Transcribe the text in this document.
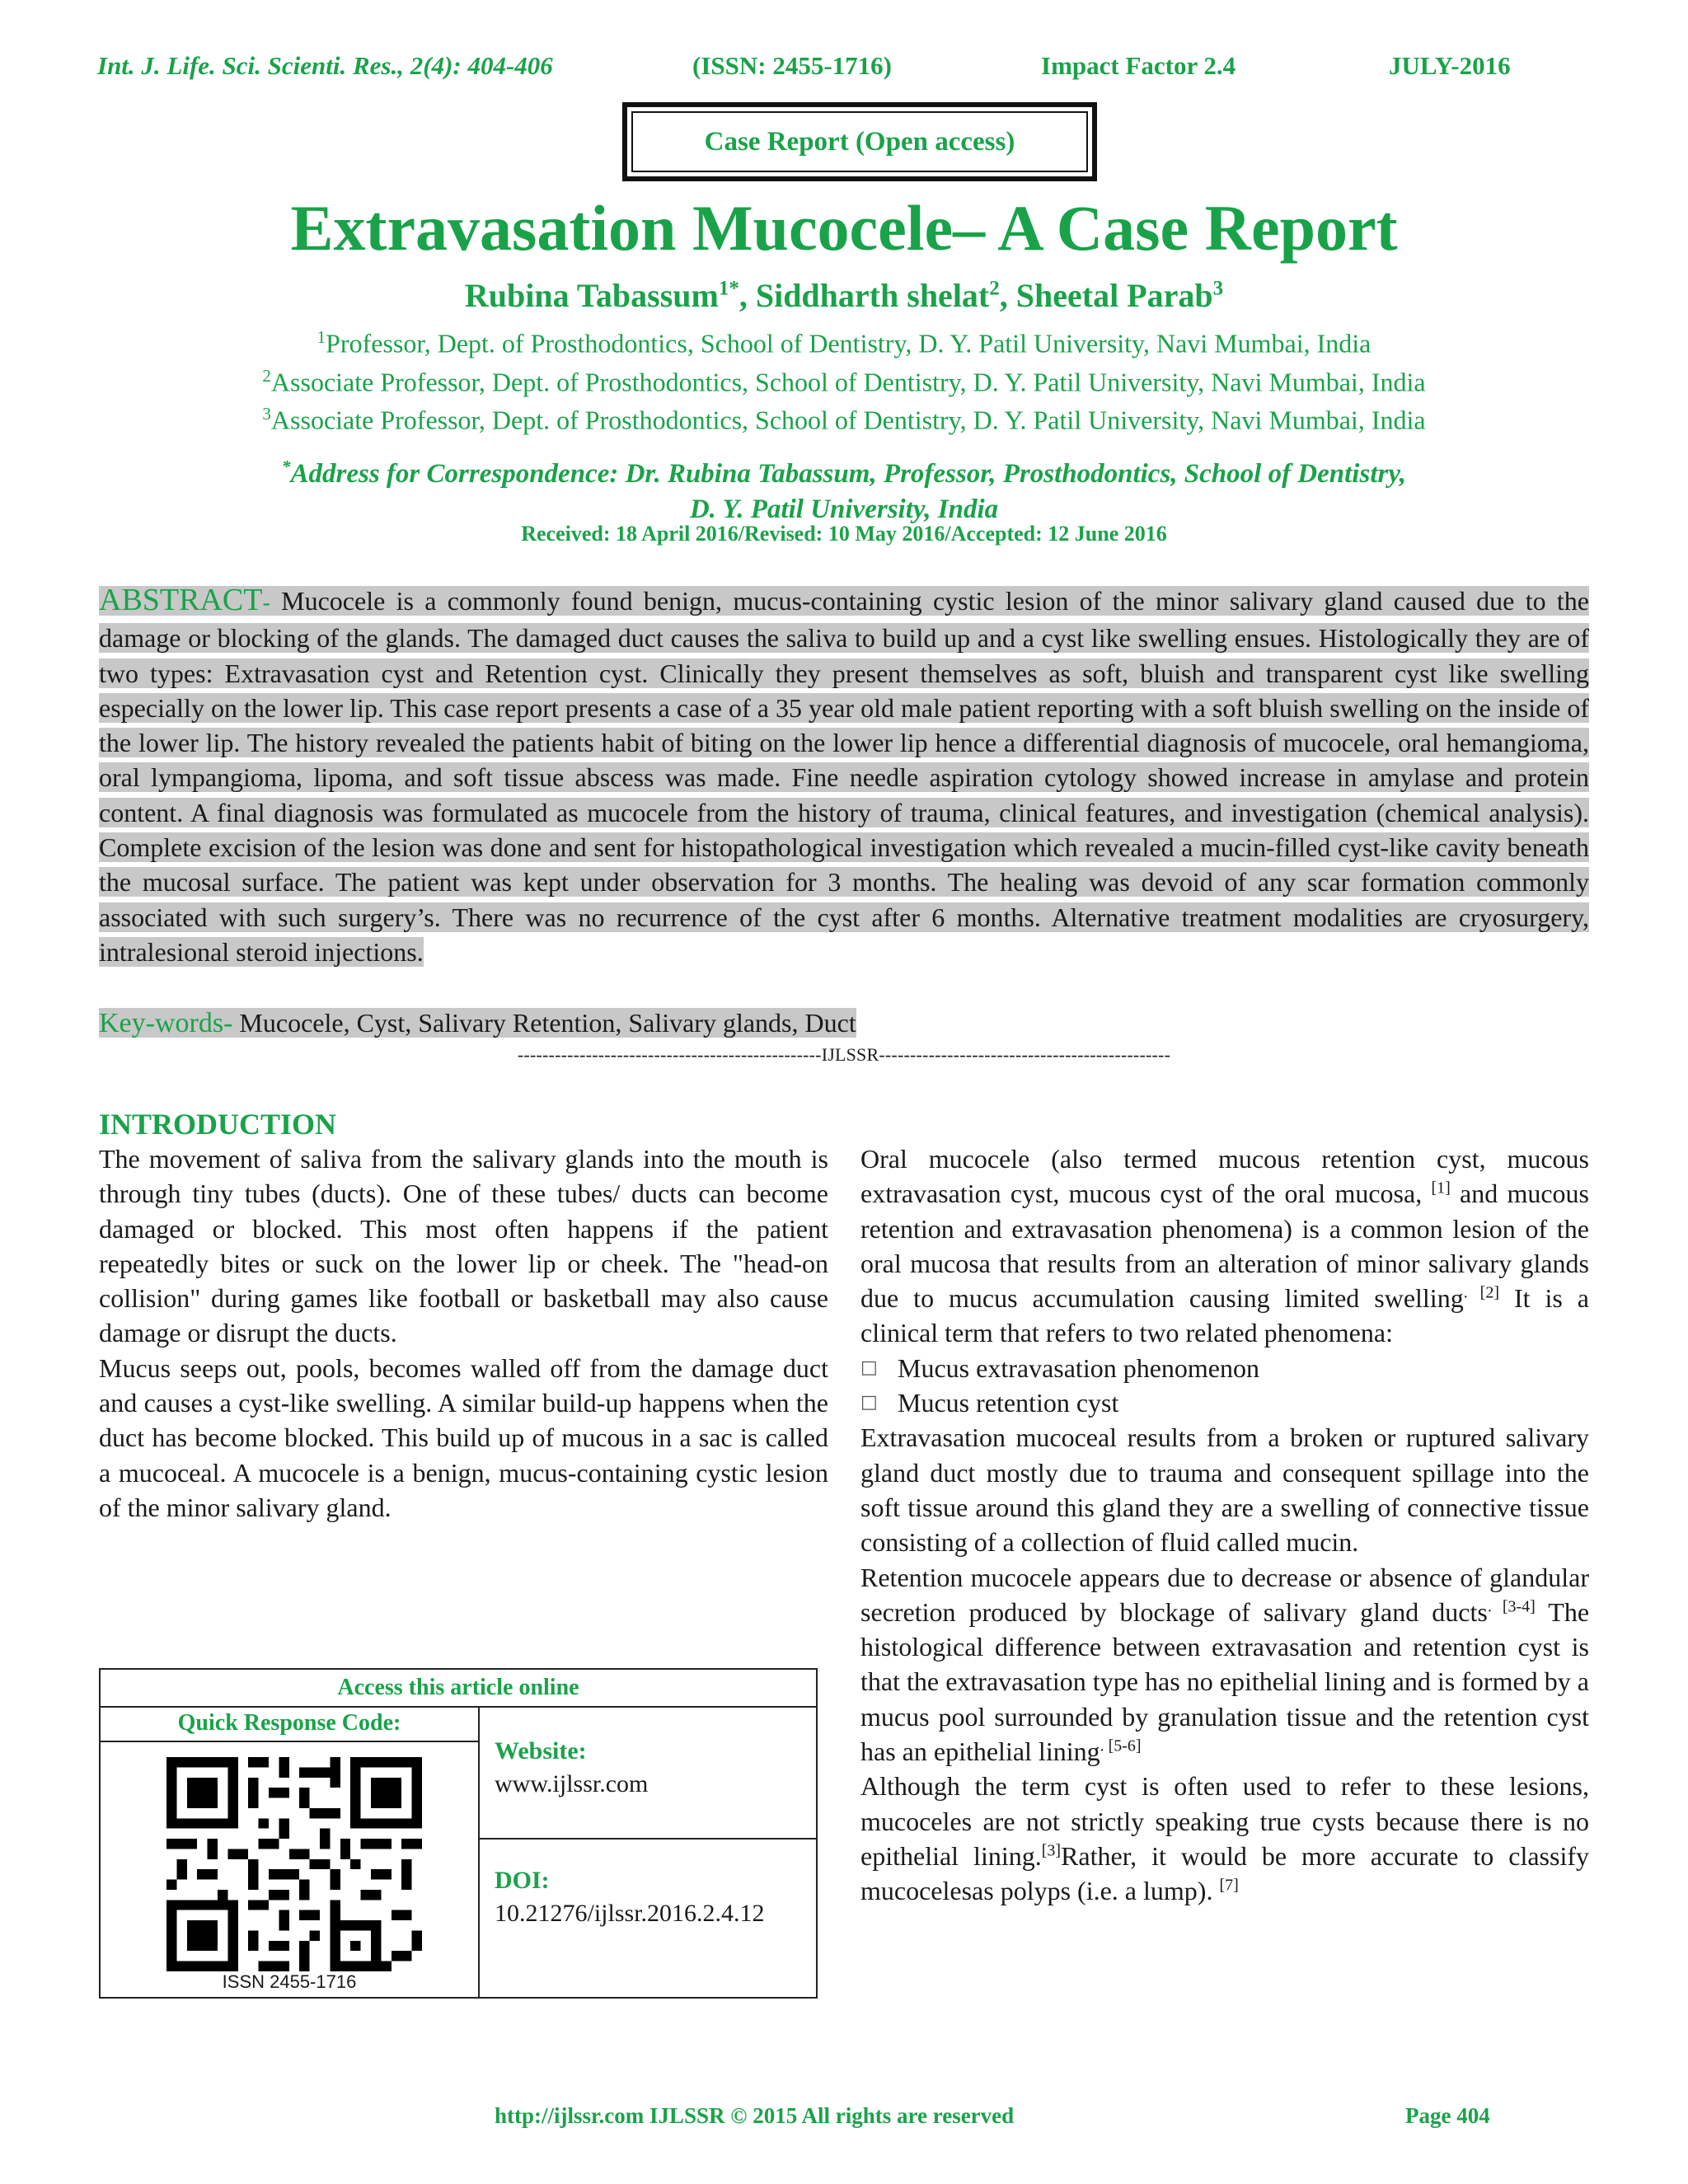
Int. J. Life. Sci. Scienti. Res., 2(4): 404-406	(ISSN: 2455-1716)	Impact Factor 2.4	JULY-2016
Case Report (Open access)
Extravasation Mucocele– A Case Report
Rubina Tabassum$^{1*}$, Siddharth shelat$^2$, Sheetal Parab$^3$
$^1$Professor, Dept. of Prosthodontics, School of Dentistry, D. Y. Patil University, Navi Mumbai, India
$^2$Associate Professor, Dept. of Prosthodontics, School of Dentistry, D. Y. Patil University, Navi Mumbai, India
$^3$Associate Professor, Dept. of Prosthodontics, School of Dentistry, D. Y. Patil University, Navi Mumbai, India
*Address for Correspondence: Dr. Rubina Tabassum, Professor, Prosthodontics, School of Dentistry,
D. Y. Patil University, India
Received: 18 April 2016/Revised: 10 May 2016/Accepted: 12 June 2016
ABSTRACT- Mucocele is a commonly found benign, mucus-containing cystic lesion of the minor salivary gland caused due to the damage or blocking of the glands. The damaged duct causes the saliva to build up and a cyst like swelling ensues. Histologically they are of two types: Extravasation cyst and Retention cyst. Clinically they present themselves as soft, bluish and transparent cyst like swelling especially on the lower lip. This case report presents a case of a 35 year old male patient reporting with a soft bluish swelling on the inside of the lower lip. The history revealed the patients habit of biting on the lower lip hence a differential diagnosis of mucocele, oral hemangioma, oral lympangioma, lipoma, and soft tissue abscess was made. Fine needle aspiration cytology showed increase in amylase and protein content. A final diagnosis was formulated as mucocele from the history of trauma, clinical features, and investigation (chemical analysis). Complete excision of the lesion was done and sent for histopathological investigation which revealed a mucin-filled cyst-like cavity beneath the mucosal surface. The patient was kept under observation for 3 months. The healing was devoid of any scar formation commonly associated with such surgery’s. There was no recurrence of the cyst after 6 months. Alternative treatment modalities are cryosurgery, intralesional steroid injections.
Key-words- Mucocele, Cyst, Salivary Retention, Salivary glands, Duct
-------------------------------------------------IJLSSR-----------------------------------------------
INTRODUCTION

The movement of saliva from the salivary glands into the mouth is through tiny tubes (ducts). One of these tubes/ ducts can become damaged or blocked. This most often happens if the patient repeatedly bites or suck on the lower lip or cheek. The "head-on collision" during games like football or basketball may also cause damage or disrupt the ducts.

Mucus seeps out, pools, becomes walled off from the damage duct and causes a cyst-like swelling. A similar build-up happens when the duct has become blocked. This build up of mucous in a sac is called a mucoceal. A mucocele is a benign, mucus-containing cystic lesion of the minor salivary gland.

Oral mucocele (also termed mucous retention cyst, mucous extravasation cyst, mucous cyst of the oral mucosa, [1] and mucous retention and extravasation phenomena) is a common lesion of the oral mucosa that results from an alteration of minor salivary glands due to mucus accumulation causing limited swelling$^{. [2]}$ It is a clinical term that refers to two related phenomena:

□ Mucus extravasation phenomenon

□ Mucus retention cyst

Extravasation mucoceal results from a broken or ruptured salivary gland duct mostly due to trauma and consequent spillage into the soft tissue around this gland they are a swelling of connective tissue consisting of a collection of fluid called mucin.

Retention mucocele appears due to decrease or absence of glandular secretion produced by blockage of salivary gland ducts$^{. [3-4]}$ The histological difference between extravasation and retention cyst is that the extravasation type has no epithelial lining and is formed by a mucus pool surrounded by granulation tissue and the retention cyst has an epithelial lining$^{. [5-6]}$

Although the term cyst is often used to refer to these lesions, mucoceles are not strictly speaking true cysts because there is no epithelial lining.[3]Rather, it would be more accurate to classify mucocelesas polyps (i.e. a lump). [7]

Access this article online
Quick Response Code:
ISSN 2455-1716
Website:
www.ijlssr.com
DOI:
10.21276/ijlssr.2016.2.4.12
http://ijlssr.com IJLSSR © 2015 All rights are reserved	Page 404
